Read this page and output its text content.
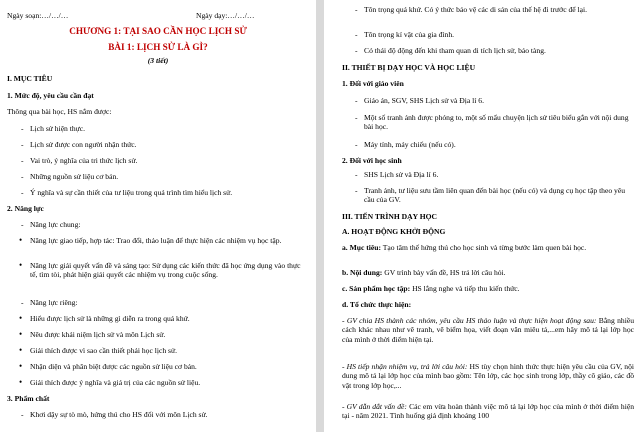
Ngày soạn:…/…/…	Ngày dạy:…/…/…
CHƯƠNG 1: TẠI SAO CẦN HỌC LỊCH SỬ
BÀI 1: LỊCH SỬ LÀ GÌ?
(3 tiết)
I. MỤC TIÊU
1. Mức độ, yêu cầu cần đạt
Thông qua bài học, HS nắm được:
- Lịch sử hiện thực.
- Lịch sử được con người nhận thức.
- Vai trò, ý nghĩa của tri thức lịch sử.
- Những nguồn sử liệu cơ bản.
- Ý nghĩa và sự cần thiết của tư liệu trong quá trình tìm hiểu lịch sử.
2. Năng lực
- Năng lực chung:
• Năng lực giao tiếp, hợp tác: Trao đổi, thảo luận để thực hiện các nhiệm vụ học tập.
• Năng lực giải quyết vấn đề và sáng tạo: Sử dụng các kiến thức đã học ứng dụng vào thực tế, tìm tòi, phát hiện giải quyết các nhiệm vụ trong cuộc sống.
- Năng lực riêng:
• Hiểu được lịch sử là những gì diễn ra trong quá khứ.
• Nêu được khái niệm lịch sử và môn Lịch sử.
• Giải thích được vì sao cần thiết phải học lịch sử.
• Nhận diện và phân biệt được các nguồn sử liệu cơ bản.
• Giải thích được ý nghĩa và giá trị của các nguồn sử liệu.
3. Phẩm chất
- Khơi dậy sự tò mò, hứng thú cho HS đối với môn Lịch sử.
- Tôn trọng quá khứ. Có ý thức bảo vệ các di sản của thế hệ đi trước để lại.
- Tôn trọng kí vật của gia đình.
- Có thái độ động đến khi tham quan di tích lịch sử, bảo tàng.
II. THIẾT BỊ DẠY HỌC VÀ HỌC LIỆU
1. Đối với giáo viên
- Giáo án, SGV, SHS Lịch sử và Địa lí 6.
- Một số tranh ảnh được phóng to, một số mẩu chuyện lịch sử tiêu biểu gắn với nội dung bài học.
- Máy tính, máy chiếu (nếu có).
2. Đối với học sinh
- SHS Lịch sử và Địa lí 6.
- Tranh ảnh, tư liệu sưu tầm liên quan đến bài học (nếu có) và dụng cụ học tập theo yêu cầu của GV.
III. TIẾN TRÌNH DẠY HỌC
A. HOẠT ĐỘNG KHỞI ĐỘNG
a. Mục tiêu: Tạo tâm thế hứng thú cho học sinh và từng bước làm quen bài học.
b. Nội dung: GV trình bày vấn đề, HS trả lời câu hỏi.
c. Sản phẩm học tập: HS lắng nghe và tiếp thu kiến thức.
d. Tổ chức thực hiện:
- GV chia HS thành các nhóm, yêu cầu HS thảo luận và thực hiện hoạt động sau: Bằng nhiều cách khác nhau như vẽ tranh, vẽ biểm họa, viết đoạn văn miêu tả,...em hãy mô tả lại lớp học của mình ở thời điểm hiện tại.
- HS tiếp nhận nhiệm vụ, trả lời câu hỏi: HS tùy chọn hình thức thực hiện yêu cầu của GV, nội dung mô tả lại lớp học của mình bao gồm: Tên lớp, các học sinh trong lớp, thầy cô giáo, các đồ vật trong lớp học,...
- GV dẫn dắt vấn đề: Các em vừa hoàn thành việc mô tả lại lớp học của mình ở thời điểm hiện tại - năm 2021. Tình huống giả định khoảng 100
